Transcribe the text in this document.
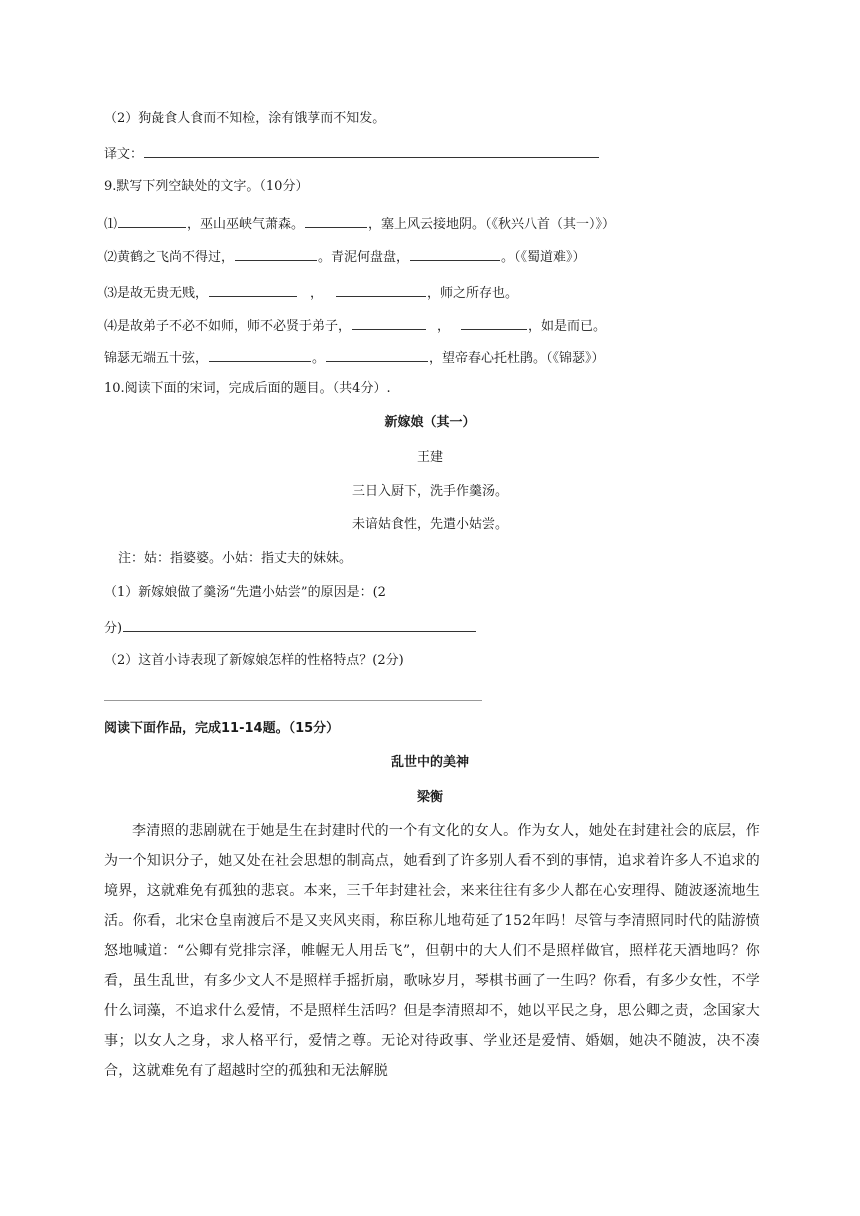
（2）狗彘食人食而不知检，涂有饿莩而不知发。
译文：
9.默写下列空缺处的文字。（10分）
⑴	，巫山巫峡气萧森。	，塞上风云接地阴。（《秋兴八首（其一）》）
⑵黄鹤之飞尚不得过，	。青泥何盘盘，	。（《蜀道难》）
⑶是故无贵无贱，	，	，师之所存也。
⑷是故弟子不必不如师，师不必贤于弟子，	，	，如是而已。
锦瑟无端五十弦，	。	，望帝春心托杜鹃。（《锦瑟》）
10.阅读下面的宋词，完成后面的题目。（共4分）.
新嫁娘（其一）
王建
三日入厨下，洗手作羹汤。
未谙姑食性，先遣小姑尝。
注：姑：指婆婆。小姑：指丈夫的妹妹。
（1）新嫁娘做了羹汤“先遣小姑尝”的原因是：(2
分)
（2）这首小诗表现了新嫁娘怎样的性格特点？(2分)
阅读下面作品，完成11-14题。（15分）
乱世中的美神
梁衡
李清照的悲剧就在于她是生在封建时代的一个有文化的女人。作为女人，她处在封建社会的底层，作为一个知识分子，她又处在社会思想的制高点，她看到了许多别人看不到的事情，追求着许多人不追求的境界，这就难免有孤独的悲哀。本来，三千年封建社会，来来往往有多少人都在心安理得、随波逐流地生活。你看，北宋仓皇南渡后不是又夹风夹雨，称臣称儿地苟延了152年吗！尽管与李清照同时代的陆游愤怒地喊道：“公卿有党排宗泽，帷幄无人用岳飞”，但朝中的大人们不是照样做官，照样花天酒地吗？你看，虽生乱世，有多少文人不是照样手摇折扇，歌咏岁月，琴棋书画了一生吗？你看，有多少女性，不学什么词藻，不追求什么爱情，不是照样生活吗？但是李清照却不，她以平民之身，思公卿之责，念国家大事；以女人之身，求人格平行，爱情之尊。无论对待政事、学业还是爱情、婚姻，她决不随波，决不凑合，这就难免有了超越时空的孤独和无法解脱
